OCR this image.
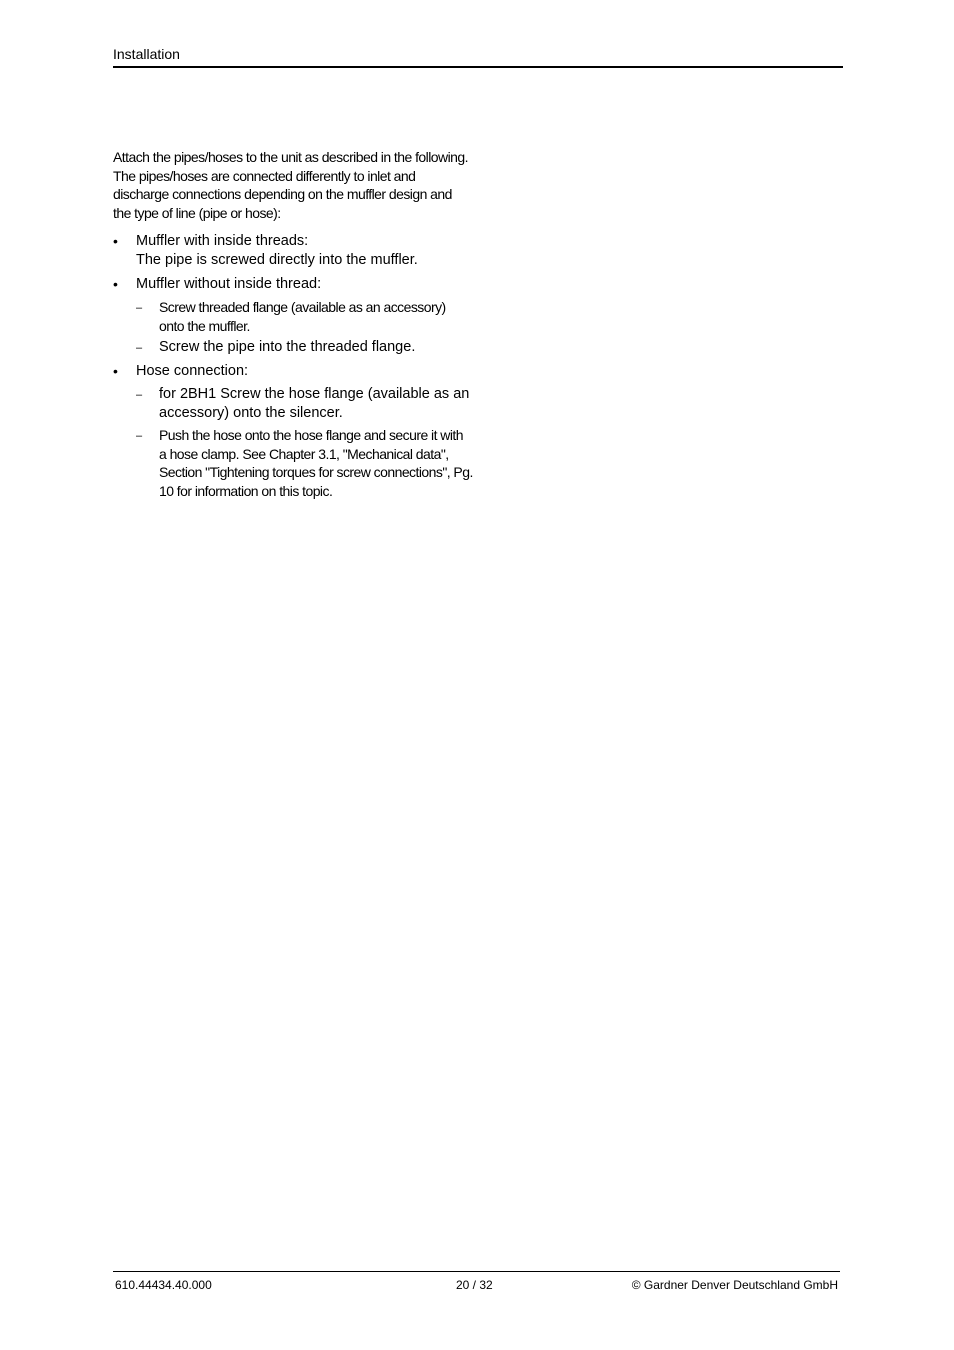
Installation

Attach the pipes/hoses to the unit as described in the following. The pipes/hoses are connected differently to inlet and discharge connections depending on the muffler design and the type of line (pipe or hose):

• Muffler with inside threads:
The pipe is screwed directly into the muffler.
• Muffler without inside thread:
– Screw threaded flange (available as an accessory) onto the muffler.
– Screw the pipe into the threaded flange.
• Hose connection:
– for 2BH1 Screw the hose flange (available as an accessory) onto the silencer.
– Push the hose onto the hose flange and secure it with a hose clamp. See Chapter 3.1, "Mechanical data", Section "Tightening torques for screw connections", Pg. 10 for information on this topic.
610.44434.40.000	20 / 32	© Gardner Denver Deutschland GmbH
